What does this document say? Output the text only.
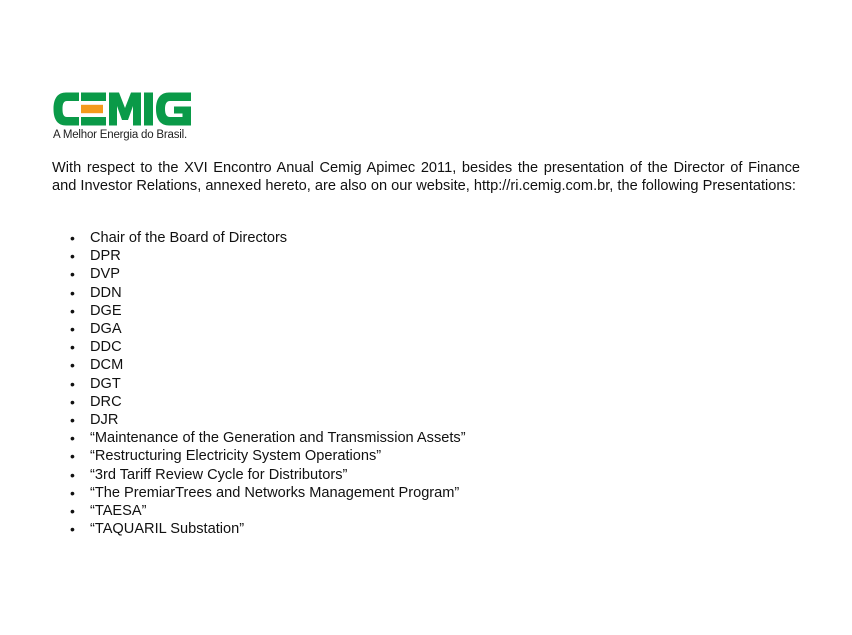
A Melhor Energia do Brasil.

With respect to the XVI Encontro Anual Cemig Apimec 2011, besides the presentation of the Director of Finance and Investor Relations, annexed hereto, are also on our website, http://ri.cemig.com.br, the following Presentations:

• Chair of the Board of Directors
• DPR
• DVP
• DDN
• DGE
• DGA
• DDC
• DCM
• DGT
• DRC
• DJR
• “Maintenance of the Generation and Transmission Assets”
• “Restructuring Electricity System Operations”
• “3rd Tariff Review Cycle for Distributors”
• “The PremiarTrees and Networks Management Program”
• “TAESA”
• “TAQUARIL Substation”
